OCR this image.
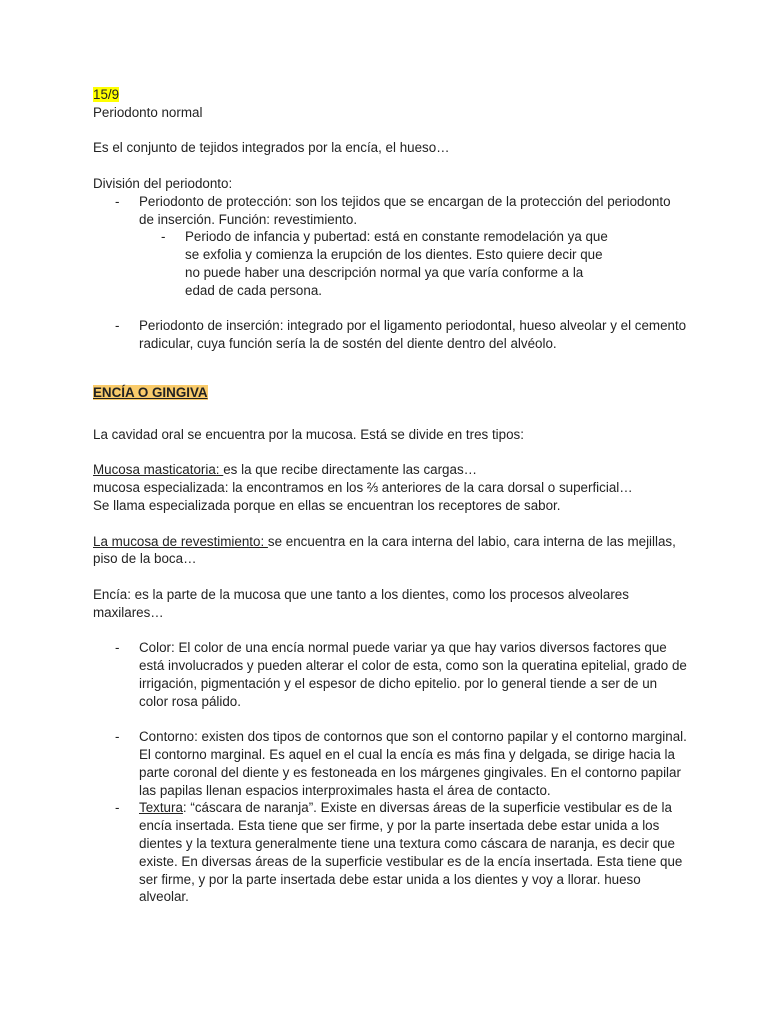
15/9

Periodonto normal

Es el conjunto de tejidos integrados por la encía, el hueso…

División del periodonto:

- Periodonto de protección: son los tejidos que se encargan de la protección del periodonto de inserción. Función: revestimiento.

- Periodo de infancia y pubertad: está en constante remodelación ya que se exfolia y comienza la erupción de los dientes. Esto quiere decir que no puede haber una descripción normal ya que varía conforme a la edad de cada persona.

- Periodonto de inserción: integrado por el ligamento periodontal, hueso alveolar y el cemento radicular, cuya función sería la de sostén del diente dentro del alvéolo.

ENCÍA O GINGIVA

La cavidad oral se encuentra por la mucosa. Está se divide en tres tipos:

Mucosa masticatoria: es la que recibe directamente las cargas…

mucosa especializada: la encontramos en los ⅔ anteriores de la cara dorsal o superficial…

Se llama especializada porque en ellas se encuentran los receptores de sabor.

La mucosa de revestimiento: se encuentra en la cara interna del labio, cara interna de las mejillas, piso de la boca…

Encía: es la parte de la mucosa que une tanto a los dientes, como los procesos alveolares maxilares…

- Color: El color de una encía normal puede variar ya que hay varios diversos factores que está involucrados y pueden alterar el color de esta, como son la queratina epitelial, grado de irrigación, pigmentación y el espesor de dicho epitelio. por lo general tiende a ser de un color rosa pálido.

- Contorno: existen dos tipos de contornos que son el contorno papilar y el contorno marginal. El contorno marginal. Es aquel en el cual la encía es más fina y delgada, se dirige hacia la parte coronal del diente y es festoneada en los márgenes gingivales. En el contorno papilar las papilas llenan espacios interproximales hasta el área de contacto.

- Textura: “cáscara de naranja”. Existe en diversas áreas de la superficie vestibular es de la encía insertada. Esta tiene que ser firme, y por la parte insertada debe estar unida a los dientes y la textura generalmente tiene una textura como cáscara de naranja, es decir que existe. En diversas áreas de la superficie vestibular es de la encía insertada. Esta tiene que ser firme, y por la parte insertada debe estar unida a los dientes y voy a llorar. hueso alveolar.
